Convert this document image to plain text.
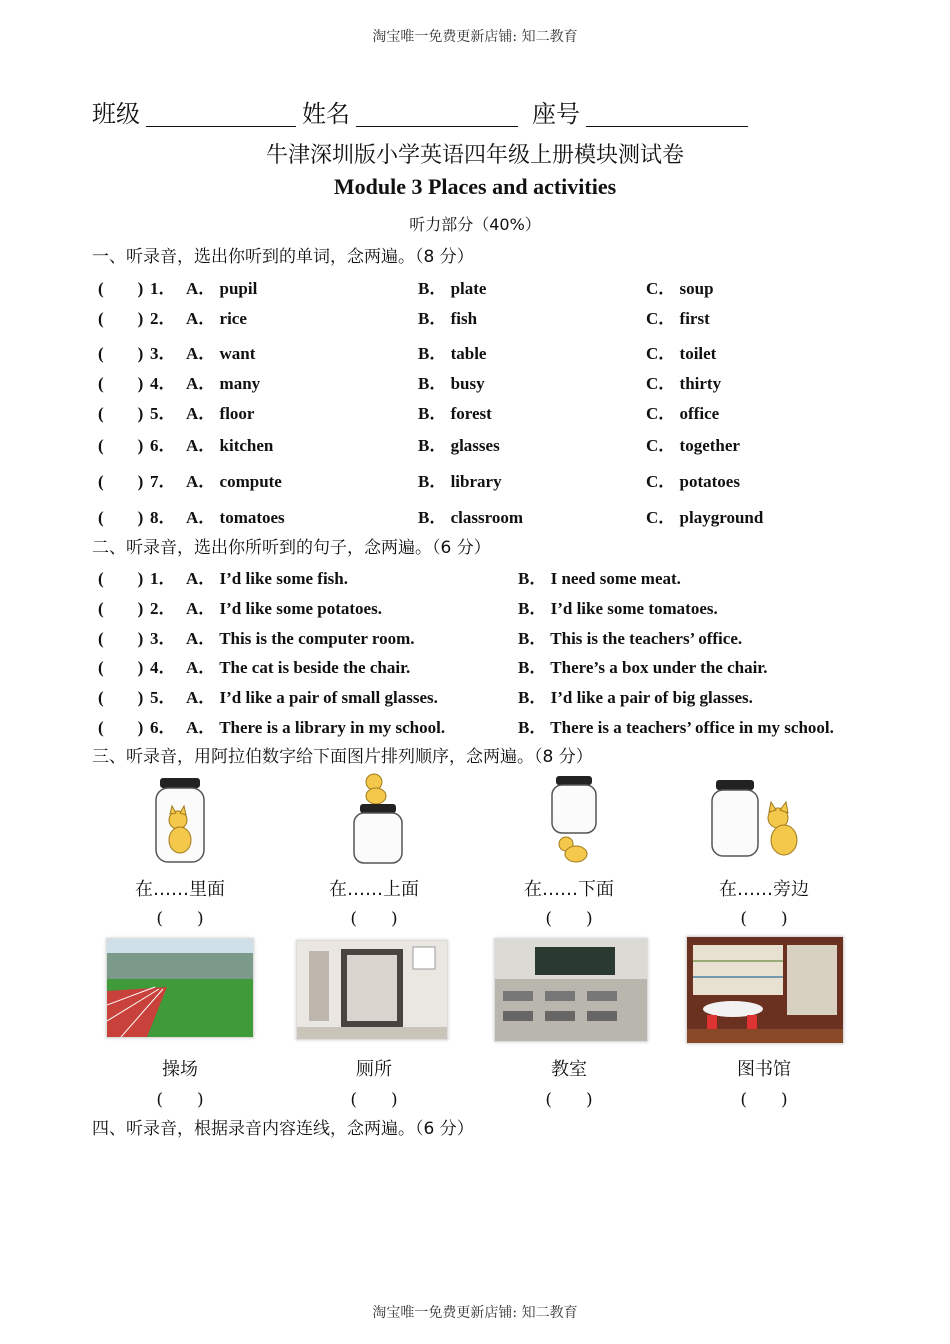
淘宝唯一免费更新店铺: 知二教育
淘宝唯一免费更新店铺: 知二教育
班级	姓名	座号
牛津深圳版小学英语四年级上册模块测试卷
Module 3 Places and activities
听力部分（40%）
一、听录音，选出你听到的单词，念两遍。（8 分）
(　　) 1． A． pupil	B． plate	C． soup
(　　) 2． A． rice	B． fish	C． first
(　　) 3． A． want	B． table	C． toilet
(　　) 4． A． many	B． busy	C． thirty
(　　) 5． A． floor	B． forest	C． office
(　　) 6． A． kitchen	B． glasses	C． together
(　　) 7． A． compute	B． library	C． potatoes
(　　) 8． A． tomatoes	B． classroom	C． playground
二、听录音，选出你所听到的句子，念两遍。（6 分）
(　　) 1． A． I’d like some fish.	B． I need some meat.
(　　) 2． A． I’d like some potatoes.	B． I’d like some tomatoes.
(　　) 3． A． This is the computer room.	B． This is the teachers’ office.
(　　) 4． A． The cat is beside the chair.	B． There’s a box under the chair.
(　　) 5． A． I’d like a pair of small glasses.	B． I’d like a pair of big glasses.
(　　) 6． A． There is a library in my school.	B． There is a teachers’ office in my school.
三、听录音，用阿拉伯数字给下面图片排列顺序，念两遍。（8 分）
在……里面	在……上面	在……下面	在……旁边
(　　)	(　　)	(　　)	(　　)
操场	厕所	教室	图书馆
(　　)	(　　)	(　　)	(　　)
四、听录音，根据录音内容连线，念两遍。（6 分）
